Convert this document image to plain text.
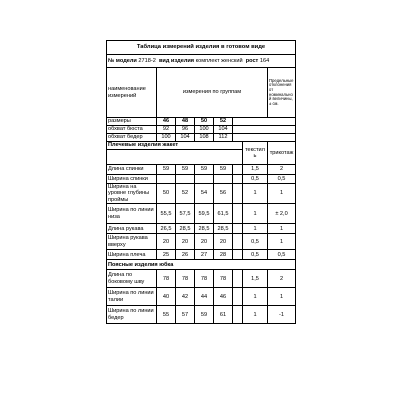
Таблица измерений изделия в готовом виде							
№ модели 2718-2 вид изделия комплект женский рост 164							
наименование измерений	измерения по группам						Предельные отклонения от номинальной величины, ± см.
размеры	46	48	50	52			
обхват бюста	92	96	100	104			
обхват бедер	100	104	108	112			
Плечевые изделия жакет						текстиль	трикотаж

Длина спинки	59	59	59	59		1,5	2
Ширина спинки						0,5	0,5
Ширина на уровне глубины проймы	50	52	54	56		1	1
Ширина по линии низа	55,5	57,5	59,5	61,5		1	± 2,0
Длина рукава	26,5	28,5	28,5	28,5		1	1
Ширина рукава вверху	20	20	20	20		0,5	1
Ширина плеча	25	26	27	28		0,5	0,5
Поясные изделия юбка							
Длина по боковому шву	78	78	78	78		1,5	2
Ширина по линии талии	40	42	44	46		1	1
Ширина по линии бедер	55	57	59	61		1	-1
